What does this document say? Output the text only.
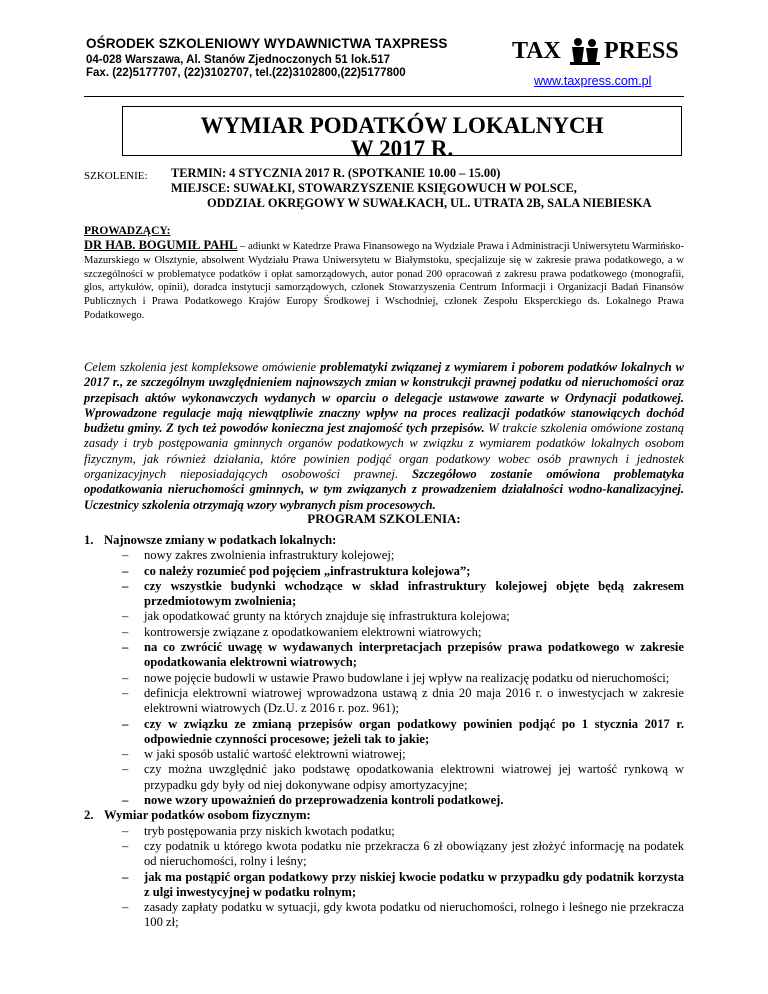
OŚRODEK SZKOLENIOWY WYDAWNICTWA TAXPRESS
04-028 Warszawa, Al. Stanów Zjednoczonych 51 lok.517
Fax. (22)5177707, (22)3102707, tel.(22)3102800,(22)5177800
TAX PRESS
www.taxpress.com.pl
WYMIAR PODATKÓW LOKALNYCH
W 2017 R.
SZKOLENIE: TERMIN: 4 STYCZNIA 2017 R. (SPOTKANIE 10.00 – 15.00)
MIEJSCE: SUWAŁKI, STOWARZYSZENIE KSIĘGOWUCH W POLSCE,
ODDZIAŁ OKRĘGOWY W SUWAŁKACH, UL. UTRATA 2B, SALA NIEBIESKA
PROWADZĄCY:
DR HAB. BOGUMIŁ PAHL – adiunkt w Katedrze Prawa Finansowego na Wydziale Prawa i Administracji Uniwersytetu Warmińsko-Mazurskiego w Olsztynie, absolwent Wydziału Prawa Uniwersytetu w Białymstoku, specjalizuje się w zakresie prawa podatkowego, a w szczególności w problematyce podatków i opłat samorządowych, autor ponad 200 opracowań z zakresu prawa podatkowego (monografii, glos, artykułów, opinii), doradca instytucji samorządowych, członek Stowarzyszenia Centrum Informacji i Organizacji Badań Finansów Publicznych i Prawa Podatkowego Krajów Europy Środkowej i Wschodniej, członek Zespołu Eksperckiego ds. Lokalnego Prawa Podatkowego.
Celem szkolenia jest kompleksowe omówienie problematyki związanej z wymiarem i poborem podatków lokalnych w 2017 r., ze szczególnym uwzględnieniem najnowszych zmian w konstrukcji prawnej podatku od nieruchomości oraz przepisach aktów wykonawczych wydanych w oparciu o delegacje ustawowe zawarte w Ordynacji podatkowej. Wprowadzone regulacje mają niewątpliwie znaczny wpływ na proces realizacji podatków stanowiących dochód budżetu gminy. Z tych też powodów konieczna jest znajomość tych przepisów. W trakcie szkolenia omówione zostaną zasady i tryb postępowania gminnych organów podatkowych w związku z wymiarem podatków lokalnych osobom fizycznym, jak również działania, które powinien podjąć organ podatkowy wobec osób prawnych i jednostek organizacyjnych nieposiadających osobowości prawnej. Szczegółowo zostanie omówiona problematyka opodatkowania nieruchomości gminnych, w tym związanych z prowadzeniem działalności wodno-kanalizacyjnej. Uczestnicy szkolenia otrzymają wzory wybranych pism procesowych.
PROGRAM SZKOLENIA:
1. Najnowsze zmiany w podatkach lokalnych:
– nowy zakres zwolnienia infrastruktury kolejowej;
– co należy rozumieć pod pojęciem „infrastruktura kolejowa”;
– czy wszystkie budynki wchodzące w skład infrastruktury kolejowej objęte będą zakresem przedmiotowym zwolnienia;
– jak opodatkować grunty na których znajduje się infrastruktura kolejowa;
– kontrowersje związane z opodatkowaniem elektrowni wiatrowych;
– na co zwrócić uwagę w wydawanych interpretacjach przepisów prawa podatkowego w zakresie opodatkowania elektrowni wiatrowych;
– nowe pojęcie budowli w ustawie Prawo budowlane i jej wpływ na realizację podatku od nieruchomości;
– definicja elektrowni wiatrowej wprowadzona ustawą z dnia 20 maja 2016 r. o inwestycjach w zakresie elektrowni wiatrowych (Dz.U. z 2016 r. poz. 961);
– czy w związku ze zmianą przepisów organ podatkowy powinien podjąć po 1 stycznia 2017 r. odpowiednie czynności procesowe; jeżeli tak to jakie;
– w jaki sposób ustalić wartość elektrowni wiatrowej;
– czy można uwzględnić jako podstawę opodatkowania elektrowni wiatrowej jej wartość rynkową w przypadku gdy były od niej dokonywane odpisy amortyzacyjne;
– nowe wzory upoważnień do przeprowadzenia kontroli podatkowej.
2. Wymiar podatków osobom fizycznym:
– tryb postępowania przy niskich kwotach podatku;
– czy podatnik u którego kwota podatku nie przekracza 6 zł obowiązany jest złożyć informację na podatek od nieruchomości, rolny i leśny;
– jak ma postąpić organ podatkowy przy niskiej kwocie podatku w przypadku gdy podatnik korzysta z ulgi inwestycyjnej w podatku rolnym;
– zasady zapłaty podatku w sytuacji, gdy kwota podatku od nieruchomości, rolnego i leśnego nie przekracza 100 zł;
